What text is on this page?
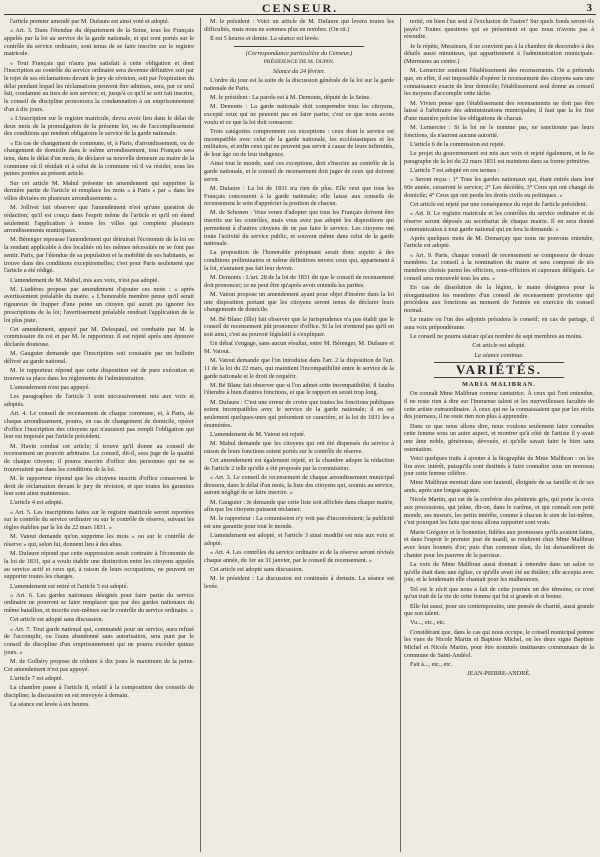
CENSEUR.	3

l'article premier amendé par M. Dufaure est ainsi voté et adopté.

« Art. 3. Dans l'étendue du département de la Seine, tous les Français appelés par la loi au service de la garde nationale, et qui sont portés sur le contrôle du service ordinaire, sont tenus de se faire inscrire sur le registre matricule.

« Tout Français qui n'aura pas satisfait à cette obligation et dont l'inscription au contrôle du service ordinaire sera devenue définitive soit par le rejet de ses réclamations devant le jury de révision, soit par l'expiration du délai pendant lequel les réclamations peuvent être admises, sera, par ce seul fait, condamné au tiers de son service; et, jusqu'à ce qu'il se soit fait inscrire, le conseil de discipline prononcera la condamnation à un emprisonnement d'un à dix jours.

« L'inscription sur le registre matricule, devra avoir lieu dans le délai de deux mois de la promulgation de la présente loi, ou de l'accomplissement des conditions qui rendent obligatoire le service de la garde nationale.

« En cas de changement de commune, et, à Paris, d'arrondissement, ou de changement de domicile dans le même arrondissement, tout Français sera tenu, dans le délai d'un mois, de déclarer sa nouvelle demeure au maire de la commune où il résidait et à celui de la commune où il va résider, sous les peines portées au présent article.

Sur cet article M. Mahul présente un amendement qui supprime la dernière partie de l'article et remplace les mots « à Paris » par « dans les villes divisées en plusieurs arrondissements ».

M. Jollivet fait observer que l'amendement n'est qu'une question de rédaction; qu'il est conçu dans l'esprit même de l'article et qu'il en étend seulement l'application à toutes les villes qui comptent plusieurs arrondissements municipaux.

M. Bérenger repousse l'amendement qui détruirait l'économie de la loi en la rendant applicable à des localités où les mêmes nécessités ne se font pas sentir. Paris, par l'étendue de sa population et la mobilité de ses habitants, se trouve dans des conditions exceptionnelles; c'est pour Paris seulement que l'article a été rédigé.

L'amendement de M. Mahul, mis aux voix, n'est pas adopté.

M. Liadières propose par amendement d'ajouter ces mots : « après avertissement préalable du maire. » L'honorable membre pense qu'il serait rigoureux de frapper d'une peine un citoyen qui aurait pu ignorer les prescriptions de la loi; l'avertissement préalable rendrait l'application de la loi plus juste.

Cet amendement, appuyé par M. Delespaul, est combattu par M. le commissaire du roi et par M. le rapporteur. Il est rejeté après une épreuve déclarée douteuse.

M. Gauguier demande que l'inscription soit constatée par un bulletin délivré au garde national.

M. le rapporteur répond que cette disposition est de pure exécution et trouvera sa place dans les règlements de l'administration.

L'amendement n'est pas appuyé.

Les paragraphes de l'article 3 sont successivement mis aux voix et adoptés.

Art. 4. Le conseil de recensement de chaque commune, et, à Paris, de chaque arrondissement, pourra, en cas de changement de domicile, opérer d'office l'inscription des citoyens qui n'auraient pas rempli l'obligation qui leur est imposée par l'article précédent.

M. Havin combat cet article; il trouve qu'il donne au conseil de recensement un pouvoir arbitraire. Le conseil, dit-il, sera juge de la qualité de chaque citoyen; il pourra inscrire d'office des personnes qui ne se trouveraient pas dans les conditions de la loi.

M. le rapporteur répond que les citoyens inscrits d'office conservent le droit de réclamation devant le jury de révision, et que toutes les garanties leur sont ainsi maintenues.

L'article 4 est adopté.

« Art. 5. Les inscriptions faites sur le registre matricule seront reportées sur le contrôle du service ordinaire ou sur le contrôle de réserve, suivant les règles établies par la loi du 22 mars 1831. »

M. Vatout demande qu'on supprime les mots « ou sur le contrôle de réserve » qui, selon lui, donnent lieu à des abus.

M. Dufaure répond que cette suppression serait contraire à l'économie de la loi de 1831, qui a voulu établir une distinction entre les citoyens appelés au service actif et ceux qui, à raison de leurs occupations, ne peuvent en supporter toutes les charges.

L'amendement est retiré et l'article 5 est adopté.

« Art. 6. Les gardes nationaux désignés pour faire partie du service ordinaire ne pourront se faire remplacer que par des gardes nationaux du même bataillon, et inscrits eux-mêmes sur le contrôle du service ordinaire. »

Cet article est adopté sans discussion.

« Art. 7. Tout garde national qui, commandé pour un service, aura refusé de l'accomplir, ou l'aura abandonné sans autorisation, sera puni par le conseil de discipline d'un emprisonnement qui ne pourra excéder quinze jours. »

M. de Golbéry propose de réduire à dix jours le maximum de la peine. Cet amendement n'est pas appuyé.

L'article 7 est adopté.

La chambre passe à l'article 8, relatif à la composition des conseils de discipline; la discussion en est renvoyée à demain.

La séance est levée à six heures.

M. le président : Voici un article de M. Dufaure qui levera toutes les difficultés, mais nous ne sommes plus en nombre. (On rit.)

Il est 5 heures et demie. La séance est levée.

(Correspondance particulière du Censeur.)

PRÉSIDENCE DE M. DUPIN.

Séance du 24 février.

L'ordre du jour est la suite de la discussion générale de la loi sur la garde nationale de Paris.

M. le président : La parole est à M. Demonts, député de la Seine.

M. Demonts : La garde nationale doit comprendre tous les citoyens, excepté ceux qui ne peuvent pas en faire partie; c'est ce que nous avons voulu et ce que la loi doit consacrer.

Trois catégories comprennent ces exceptions : ceux dont le service est incompatible avec celui de la garde nationale, les ecclésiastiques et les militaires, et enfin ceux qui ne peuvent pas servir à cause de leurs infirmités, de leur âge ou de leur indigence.

Ainsi tout le monde, sauf ces exceptions, doit s'inscrire au contrôle de la garde nationale, et le conseil de recensement doit juger de ceux qui doivent servir.

M. Dufaure : La loi de 1831 n'a rien de plus. Elle veut que tous les Français concourent à la garde nationale; elle laisse aux conseils de recensement le soin d'apprécier la position de chacun.

M. de Schonen : Vous venez d'adopter que tous les Français doivent être inscrits sur les contrôles, mais vous avez pas adopté les dispositions qui permettent à d'autres citoyens de ne pas faire le service. Les citoyens ont toute l'activité du service public, et souvent même dans celui de la garde nationale.

La proposition de l'honorable préopinant serait donc sujette à des conditions préliminaires et même définitives envers ceux qui, appartenant à la loi, n'auraient pas fait leur devoir.

M. Demonts : L'art. 28 de la loi de 1831 dit que le conseil de recensement doit prononcer; ce ne peut être qu'après avoir entendu les parties.

M. Vatout propose un amendement ayant pour objet d'insérer dans la loi une disposition portant que les citoyens seront tenus de déclarer leurs changements de domicile.

M. Bé Blanc (Ille) fait observer que la jurisprudence n'a pas établi que le conseil de recensement pût prononcer d'office. Si la loi n'entend pas qu'il en soit ainsi, c'est au pouvoir législatif à s'expliquer.

Un débat s'engage, sans aucun résultat, entre M. Bérenger, M. Dufaure et M. Vatout.

M. Vatout demande que l'on introduise dans l'art. 2 la disposition de l'art. 11 de la loi du 22 mars, qui maintient l'incompatibilité entre le service de la garde nationale et le droit de requérir.

M. Bé Blanc fait observer que si l'on admet cette incompatibilité, il faudra l'étendre à bien d'autres fonctions, et que le rapport en serait trop long.

M. Dufaure : C'est une erreur de croire que toutes les fonctions publiques soient incompatibles avec le service de la garde nationale; il en est seulement quelques-unes qui présentent ce caractère, et la loi de 1831 les a énumérées.

L'amendement de M. Vatout est rejeté.

M. Mahul demande que les citoyens qui ont été dispensés du service à raison de leurs fonctions soient portés sur le contrôle de réserve.

Cet amendement est également rejeté, et la chambre adopte la rédaction de l'article 2 telle qu'elle a été proposée par la commission.

« Art. 3. Le conseil de recensement de chaque arrondissement municipal dressera, dans le délai d'un mois, la liste des citoyens qui, soumis au service, auront négligé de se faire inscrire. »

M. Gauguier : Je demande que cette liste soit affichée dans chaque mairie, afin que les citoyens puissent réclamer.

M. le rapporteur : La commission n'y voit pas d'inconvénient; la publicité est une garantie pour tout le monde.

L'amendement est adopté, et l'article 3 ainsi modifié est mis aux voix et adopté.

« Art. 4. Les contrôles du service ordinaire et de la réserve seront révisés chaque année, du 1er au 31 janvier, par le conseil de recensement. »

Cet article est adopté sans discussion.

M. le président : La discussion est continuée à demain. La séance est levée.

terité, on bien l'un seul à l'exclusion de l'autre? Sur quels fonds seront-ils payés? Toutes questions qui se présentent et que nous n'avons pas à résoudre.

Je le répète, Messieurs, il ne convient pas à la chambre de descendre à des détails aussi minutieux, qui appartiennent à l'administration municipale. (Murmures au centre.)

M. Lemercier soutient l'établissement des recensements. On a prétendu que, en effet, il est impossible d'opérer le recensement des citoyens sans une connaissance exacte de leur domicile; l'établissement seul donne au conseil les moyens d'accomplir cette tâche.

M. Vivien pense que l'établissement des recensements ne doit pas être laissé à l'arbitraire des administrations municipales; il faut que la loi fixe d'une manière précise les obligations de chacun.

M. Lemercier : Si la loi ne le nomme pas, ne sanctionne pas leurs fonctions, ils n'auront aucune autorité.

L'article 6 de la commission est rejeté.

Le projet du gouvernement est mis aux voix et rejeté également, et le 6e paragraphe de la loi du 22 mars 1831 est maintenu dans sa forme primitive.

L'article 7 est adopté en ces termes :

« Seront reçus : 1° Tous les gardes nationaux qui, étant entrés dans leur 60e année, cesseront le service; 2° Les décédés; 3° Ceux qui ont changé de domicile; 4° Ceux qui ont perdu les droits civils ou politiques. »

Cet article est rejeté par une conséquence du rejet de l'article précédent.

« Art. 8. Le registre matricule et les contrôles du service ordinaire et de réserve seront déposés au secrétariat de chaque mairie. Il en sera donné communication à tout garde national qui en fera la demande. »

Après quelques mots de M. Demarçay que nous ne pouvons entendre, l'article est adopté.

« Art. 9. Paris, chaque conseil de recensement se composera de douze membres. Le conseil à la nomination du maire et sera composé de six membres choisis parmi les officiers, sous-officiers et caporaux délégués. Le conseil sera renouvelé tous les ans. »

En cas de dissolution de la légion, le maire désignera pour la réorganisation les membres d'un conseil de recensement provisoire qui procèdera aux fonctions au moment de l'entrée en exercice du conseil normal.

Le maire ou l'un des adjoints présidera le conseil; en cas de partage, il aura voix prépondérante.

Le conseil ne pourra statuer qu'au nombre de sept membres au moins.

Cet article est adopté.

La séance continue.

VARIÉTÉS.

MARIA MALIBRAN.

On connaît Mme Malibran comme cantatrice. À ceux qui l'ont entendue, il ne reste rien à dire sur l'immense talent et les merveilleuses facultés de cette artiste extraordinaire. À ceux qui ne la connaissaient que par les récits des journaux, il ne reste rien non plus à apprendre.

Dans ce que nous allons dire, nous voulons seulement faire connaître cette femme sous un autre aspect, et montrer qu'à côté de l'artiste il y avait une âme noble, généreuse, dévouée, et qu'elle savait faire le bien sans ostentation.

Voici quelques traits à ajouter à la biographie de Mme Malibran : on les lira avec intérêt, puisqu'ils sont destinés à faire connaître sous un nouveau jour cette femme célèbre.

Mme Malibran montait dans son fauteuil, éloignée de sa famille et de ses amis, après une longue agonie.

Nicole Martin, qui est de la confrérie des pénitents gris, qui porte la croix aux processions, qui jeûne, dit-on, dans le carême, et qui connaît son petit monde, ses moeurs, les petits intérêts, comme à chacun le sien de lui-même, c'est pourquoi les faits que nous allons rapporter sont vrais.

Marie Grégoire et le bonnetier, fidèles aux promesses qu'ils avaient faites, et dans l'espoir le premier jour de mardi, se rendirent chez Mme Malibran avec leurs bonnets d'or; puis d'un commun élan, ils lui demandèrent de chanter pour les pauvres de la paroisse.

La voix de Mme Malibran aussi donnait à entendre dans un salon ce qu'elle était dans une église, ce qu'elle avait été au théâtre; elle accepta avec joie, et le lendemain elle chantait pour les malheureux.

Tel est le récit que nous a fait de cette journée un des témoins; ce n'est qu'un trait de la vie de cette femme qui fut si grande et si bonne.

Elle fut aussi, pour ses contemporains, une pensée de charité, aussi grande que son talent.

Vu..., etc., etc.

Considérant que, dans le cas qui nous occupe, le conseil municipal prenne les vues de Nicole Martin et Baptiste Michel, on les deux signe Baptiste Michel et Nicole Martin, pour être nommés institueurs communaux de la commune de Saint-Andéol.

Fait à..., etc., etc.

JEAN-PIERRE-ANDRÉ.
